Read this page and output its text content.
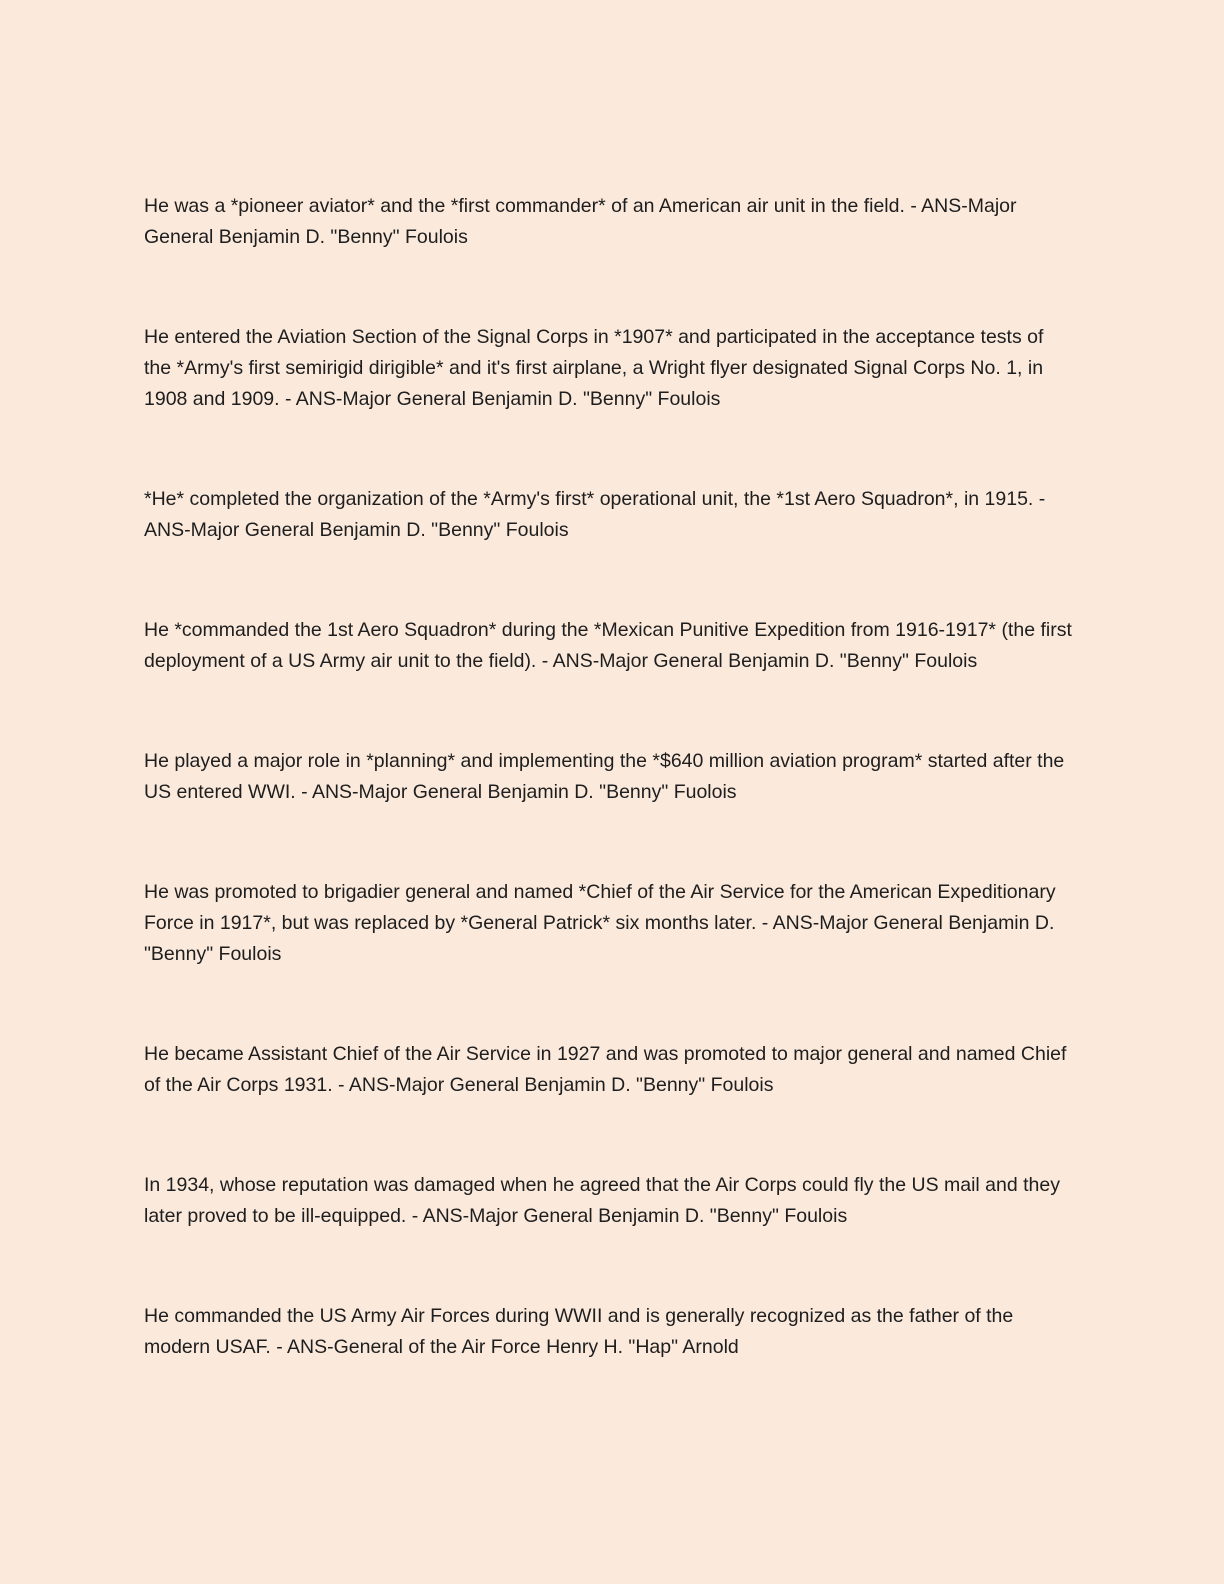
He was a *pioneer aviator* and the *first commander* of an American air unit in the field. - ANS-Major General Benjamin D. "Benny" Foulois

He entered the Aviation Section of the Signal Corps in *1907* and participated in the acceptance tests of the *Army's first semirigid dirigible* and it's first airplane, a Wright flyer designated Signal Corps No. 1, in 1908 and 1909. - ANS-Major General Benjamin D. "Benny" Foulois

*He* completed the organization of the *Army's first* operational unit, the *1st Aero Squadron*, in 1915. - ANS-Major General Benjamin D. "Benny" Foulois

He *commanded the 1st Aero Squadron* during the *Mexican Punitive Expedition from 1916-1917* (the first deployment of a US Army air unit to the field). - ANS-Major General Benjamin D. "Benny" Foulois

He played a major role in *planning* and implementing the *$640 million aviation program* started after the US entered WWI. - ANS-Major General Benjamin D. "Benny" Fuolois

He was promoted to brigadier general and named *Chief of the Air Service for the American Expeditionary Force in 1917*, but was replaced by *General Patrick* six months later. - ANS-Major General Benjamin D. "Benny" Foulois

He became Assistant Chief of the Air Service in 1927 and was promoted to major general and named Chief of the Air Corps 1931. - ANS-Major General Benjamin D. "Benny" Foulois

In 1934, whose reputation was damaged when he agreed that the Air Corps could fly the US mail and they later proved to be ill-equipped. - ANS-Major General Benjamin D. "Benny" Foulois

He commanded the US Army Air Forces during WWII and is generally recognized as the father of the modern USAF. - ANS-General of the Air Force Henry H. "Hap" Arnold
